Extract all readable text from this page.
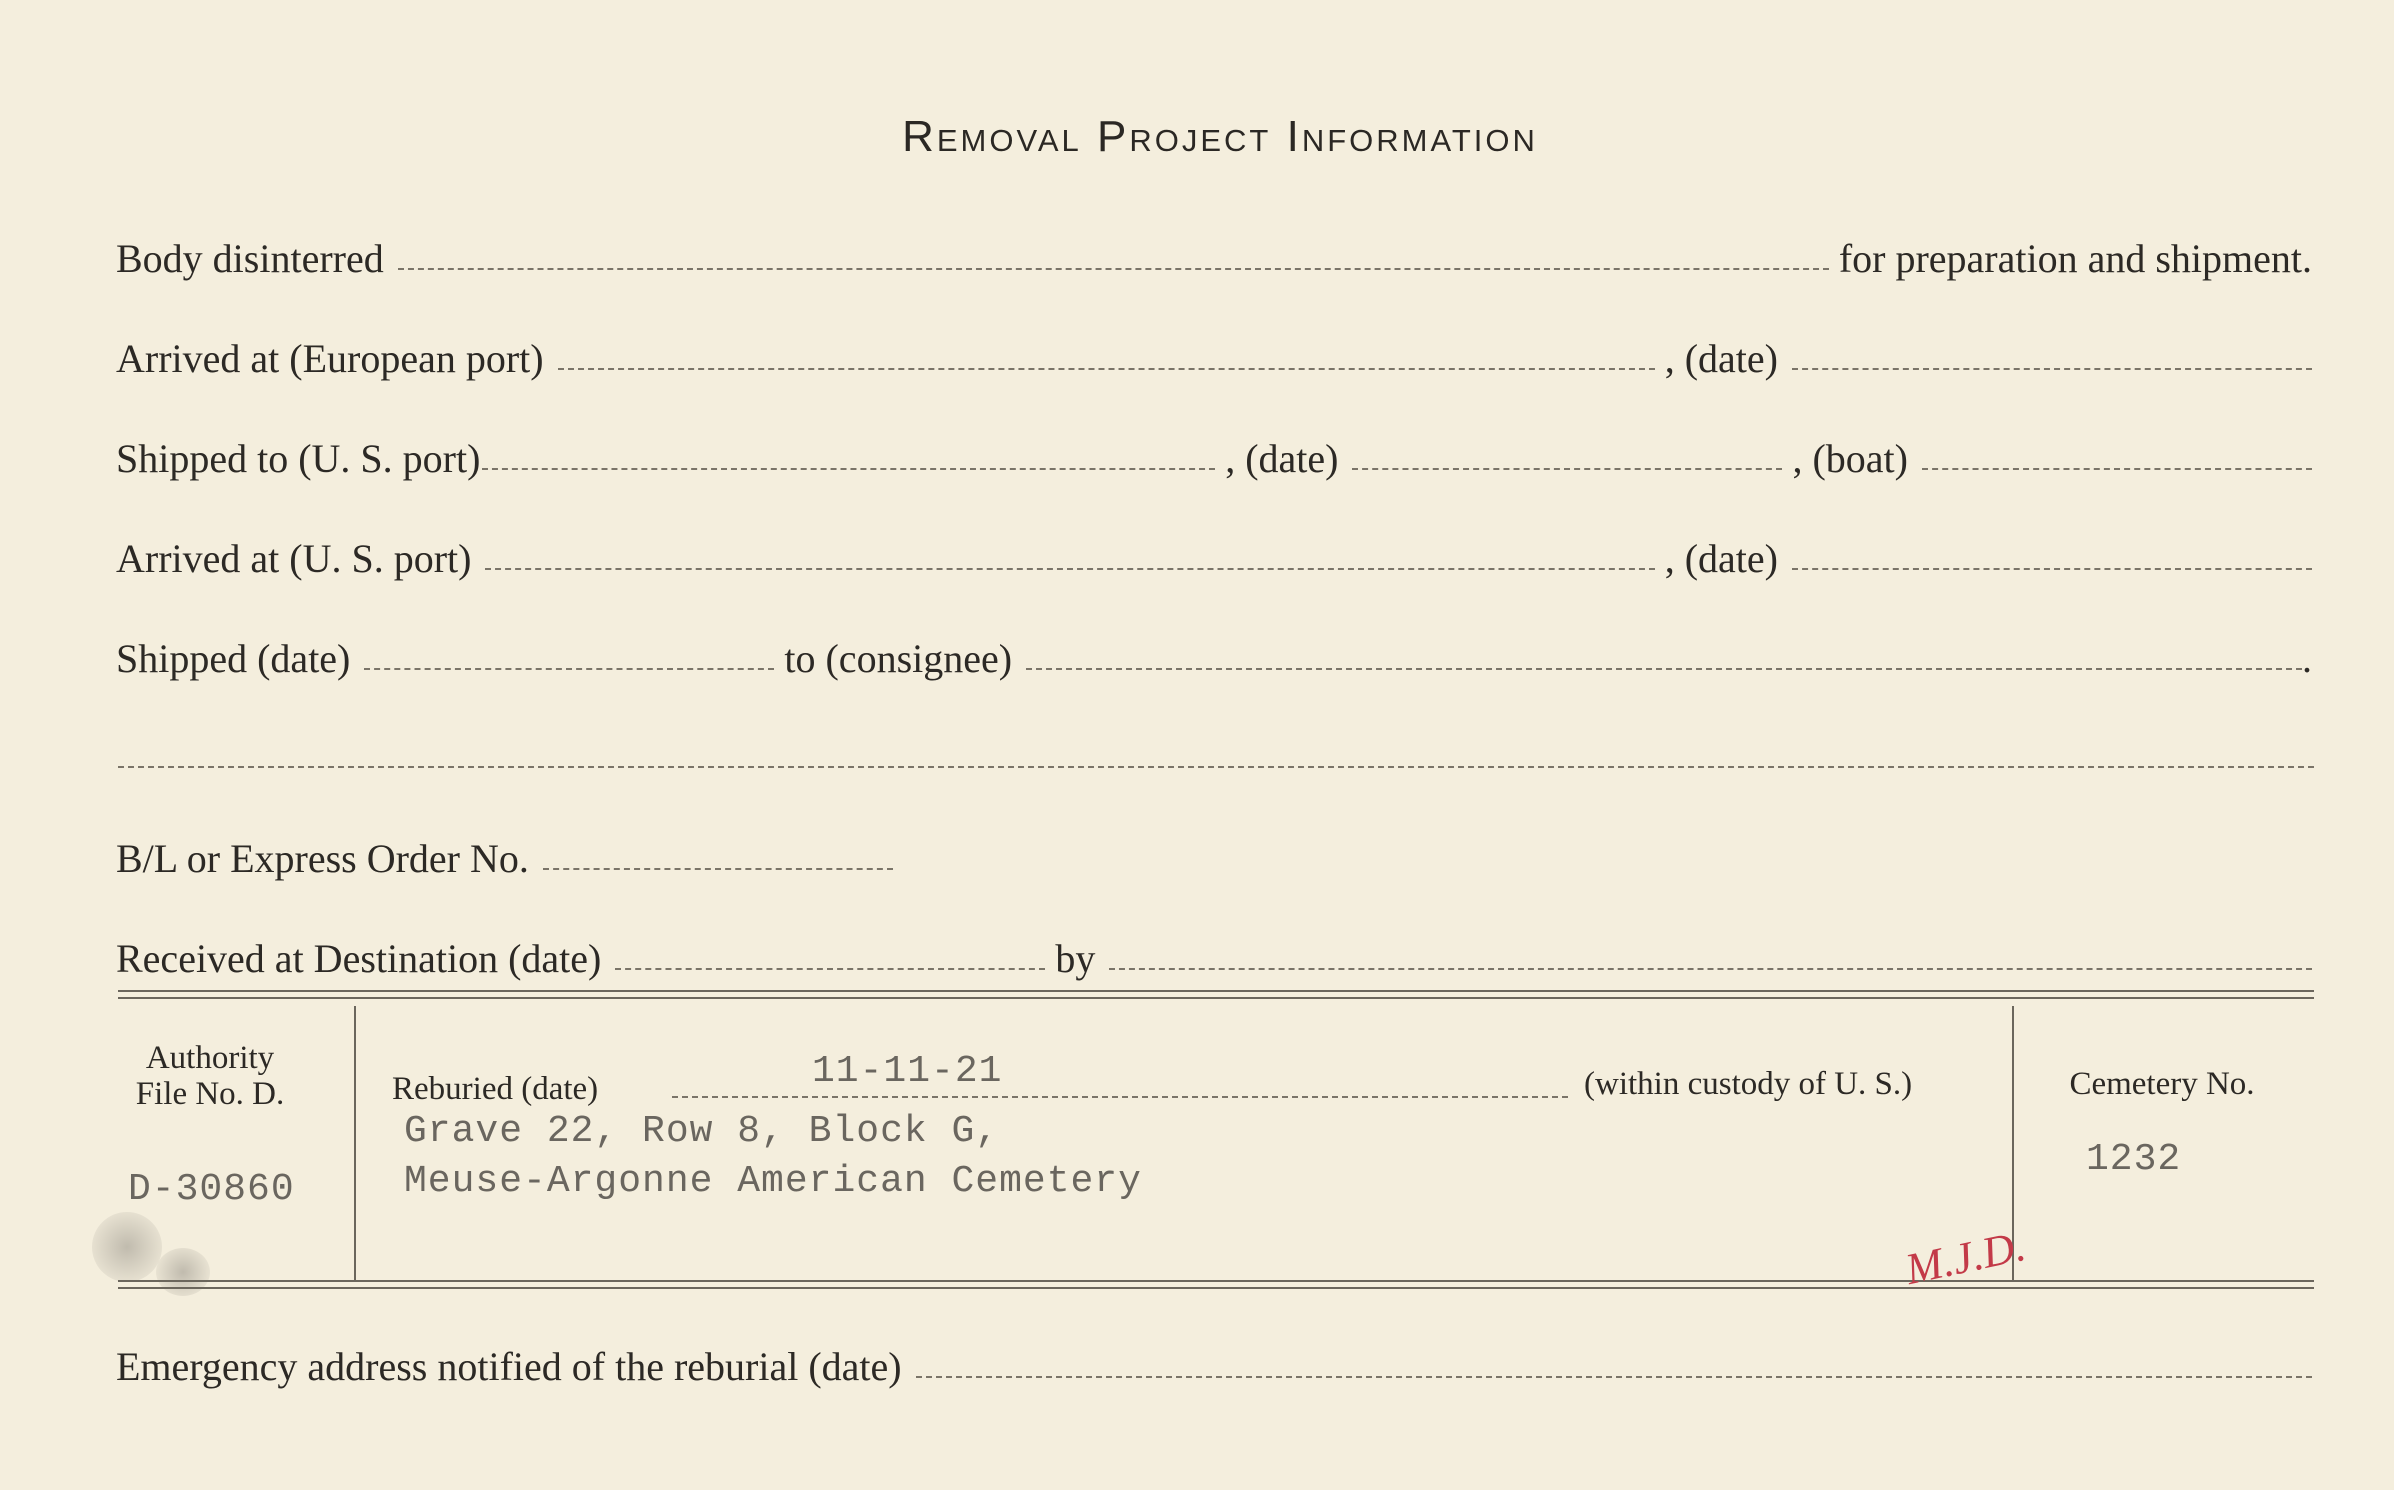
Removal Project Information
Body disinterred	for preparation and shipment.
Arrived at (European port)	, (date)
Shipped to (U. S. port)	, (date)	, (boat)
Arrived at (U. S. port)	, (date)
Shipped (date)	to (consignee)	.
B/L or Express Order No.
Received at Destination (date)	by
Authority
File No. D.
D-30860
Reburied (date)	11-11-21	(within custody of U. S.)
Grave 22, Row 8, Block G,
Meuse-Argonne American Cemetery
Cemetery No.
1232
M.J.D.
Emergency address notified of the reburial (date)
